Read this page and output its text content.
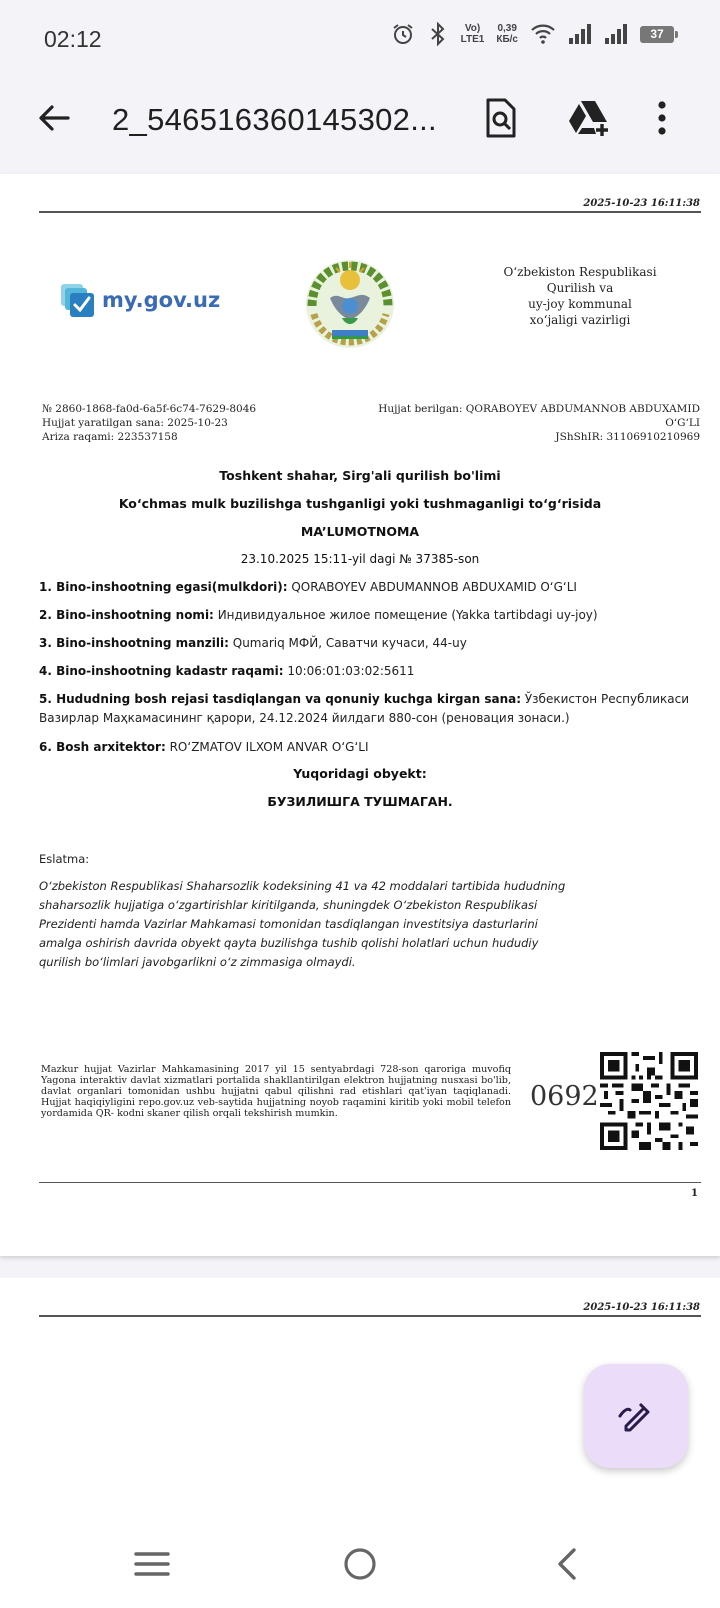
02:12	Vo)
LTE1
0,39
КБ/с	37
2_546516360145302...
2025-10-23 16:11:38
my.gov.uz
O‘zbekiston Respublikasi
Qurilish va
uy-joy kommunal
xo‘jaligi vazirligi
№ 2860-1868-fa0d-6a5f-6c74-7629-8046
Hujjat yaratilgan sana: 2025-10-23
Ariza raqami: 223537158
Hujjat berilgan: QORABOYEV ABDUMANNOB ABDUXAMID
O‘G‘LI
JShShIR: 31106910210969
Toshkent shahar, Sirg'ali qurilish bo'limi
Ko‘chmas mulk buzilishga tushganligi yoki tushmaganligi to‘g‘risida
MA’LUMOTNOMA
23.10.2025 15:11-yil dagi № 37385-son
1. Bino-inshootning egasi(mulkdori): QORABOYEV ABDUMANNOB ABDUXAMID O‘G‘LI
2. Bino-inshootning nomi: Индивидуальное жилое помещение (Yakka tartibdagi uy-joy)
3. Bino-inshootning manzili: Qumariq МФЙ, Саватчи кучаси, 44-uy
4. Bino-inshootning kadastr raqami: 10:06:01:03:02:5611
5. Hududning bosh rejasi tasdiqlangan va qonuniy kuchga kirgan sana: Ўзбекистон Республикаси Вазирлар Маҳкамасининг қарори, 24.12.2024 йилдаги 880-сон (реновация зонаси.)
6. Bosh arxitektor: RO‘ZMATOV ILXOM ANVAR O‘G‘LI
Yuqoridagi obyekt:
БУЗИЛИШГА ТУШМАГАН.
Eslatma:
O‘zbekiston Respublikasi Shaharsozlik kodeksining 41 va 42 moddalari tartibida hududning shaharsozlik hujjatiga o‘zgartirishlar kiritilganda, shuningdek O‘zbekiston Respublikasi Prezidenti hamda Vazirlar Mahkamasi tomonidan tasdiqlangan investitsiya dasturlarini amalga oshirish davrida obyekt qayta buzilishga tushib qolishi holatlari uchun hududiy qurilish bo‘limlari javobgarlikni o‘z zimmasiga olmaydi.
Mazkur hujjat Vazirlar Mahkamasining 2017 yil 15 sentyabrdagi 728-son qaroriga muvofiq Yagona interaktiv davlat xizmatlari portalida shakllantirilgan elektron hujjatning nusxasi bo'lib, davlat organlari tomonidan ushbu hujjatni qabul qilishni rad etishlari qat'iyan taqiqlanadi. Hujjat haqiqiyligini repo.gov.uz veb-saytida hujjatning noyob raqamini kiritib yoki mobil telefon yordamida QR- kodni skaner qilish orqali tekshirish mumkin.
0692
1
2025-10-23 16:11:38
